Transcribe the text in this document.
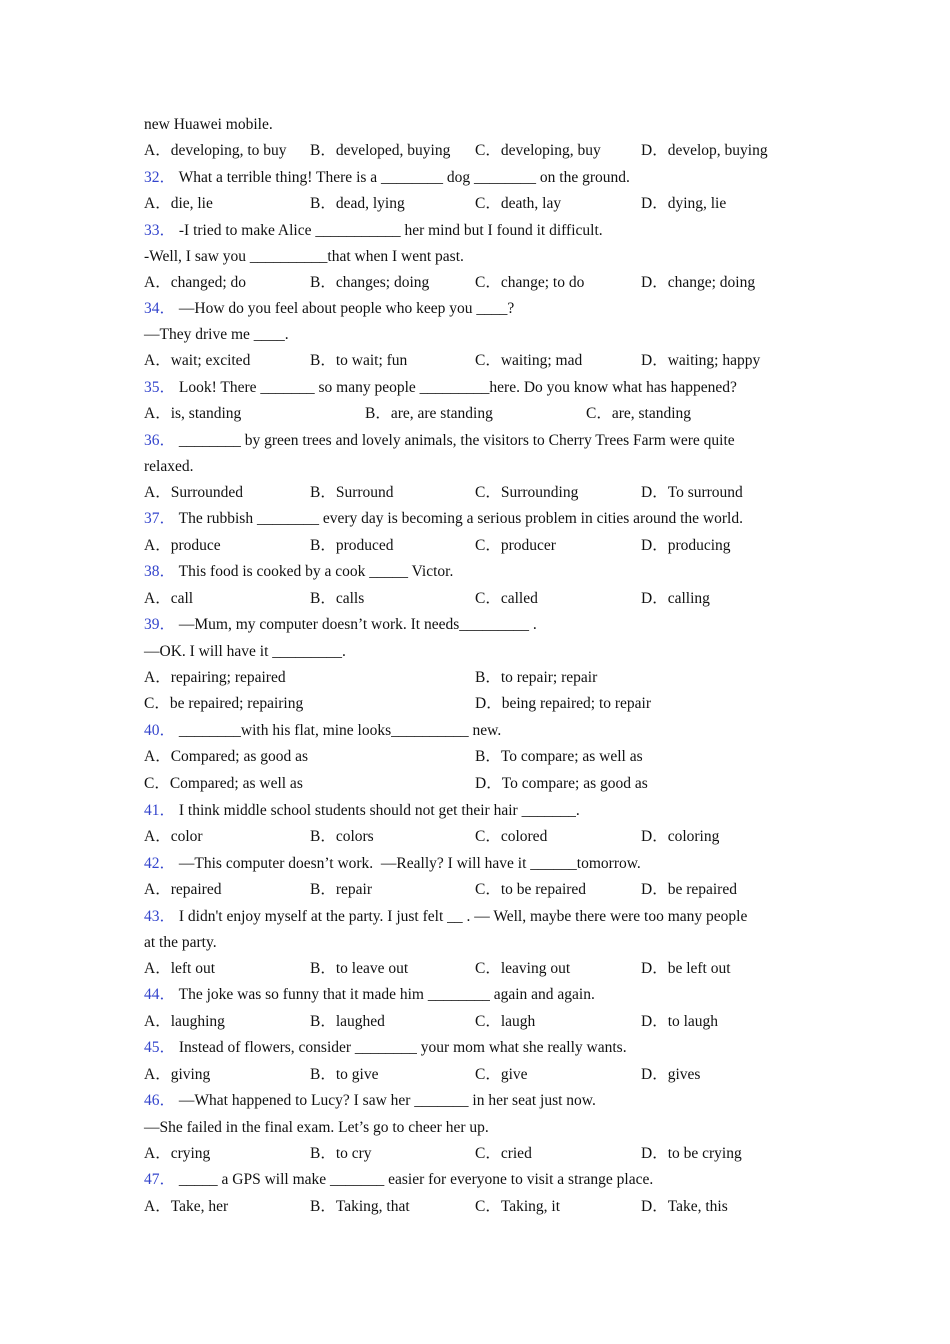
new Huawei mobile.
A．developing, to buy B．developed, buying C．developing, buy	D．develop, buying
32． What a terrible thing! There is a ________ dog ________ on the ground.
A．die, lie	B．dead, lying	C．death, lay	D．dying, lie
33． -I tried to make Alice ___________ her mind but I found it difficult.
-Well, I saw you __________that when I went past.
A．changed; do	B．changes; doing	C．change; to do	D．change; doing
34． —How do you feel about people who keep you ____?
—They drive me ____.
A．wait; excited	B．to wait; fun	C．waiting; mad	D．waiting; happy
35． Look! There _______ so many people _________here. Do you know what has happened?
A．is, standing	B．are, are standing	C．are, standing
36． ________ by green trees and lovely animals, the visitors to Cherry Trees Farm were quite
relaxed.
A．Surrounded	B．Surround	C．Surrounding	D．To surround
37． The rubbish ________ every day is becoming a serious problem in cities around the world.
A．produce	B．produced	C．producer	D．producing
38． This food is cooked by a cook _____ Victor.
A．call	B．calls	C．called	D．calling
39． —Mum, my computer doesn’t work. It needs_________ .
—OK. I will have it _________.
A．repairing; repaired	B．to repair; repair
C．be repaired; repairing	D．being repaired; to repair
40． ________with his flat, mine looks__________ new.
A．Compared; as good as	B．To compare; as well as
C．Compared; as well as	D．To compare; as good as
41． I think middle school students should not get their hair _______.
A．color	B．colors	C．colored	D．coloring
42． —This computer doesn’t work.  —Really? I will have it ______tomorrow.
A．repaired	B．repair	C．to be repaired	D．be repaired
43． I didn't enjoy myself at the party. I just felt __ . — Well, maybe there were too many people
at the party.
A．left out	B．to leave out	C．leaving out	D．be left out
44． The joke was so funny that it made him ________ again and again.
A．laughing	B．laughed	C．laugh	D．to laugh
45． Instead of flowers, consider ________ your mom what she really wants.
A．giving	B．to give	C．give	D．gives
46． —What happened to Lucy? I saw her _______ in her seat just now.
—She failed in the final exam. Let’s go to cheer her up.
A．crying	B．to cry	C．cried	D．to be crying
47． _____ a GPS will make _______ easier for everyone to visit a strange place.
A．Take, her	B．Taking, that	C．Taking, it	D．Take, this
